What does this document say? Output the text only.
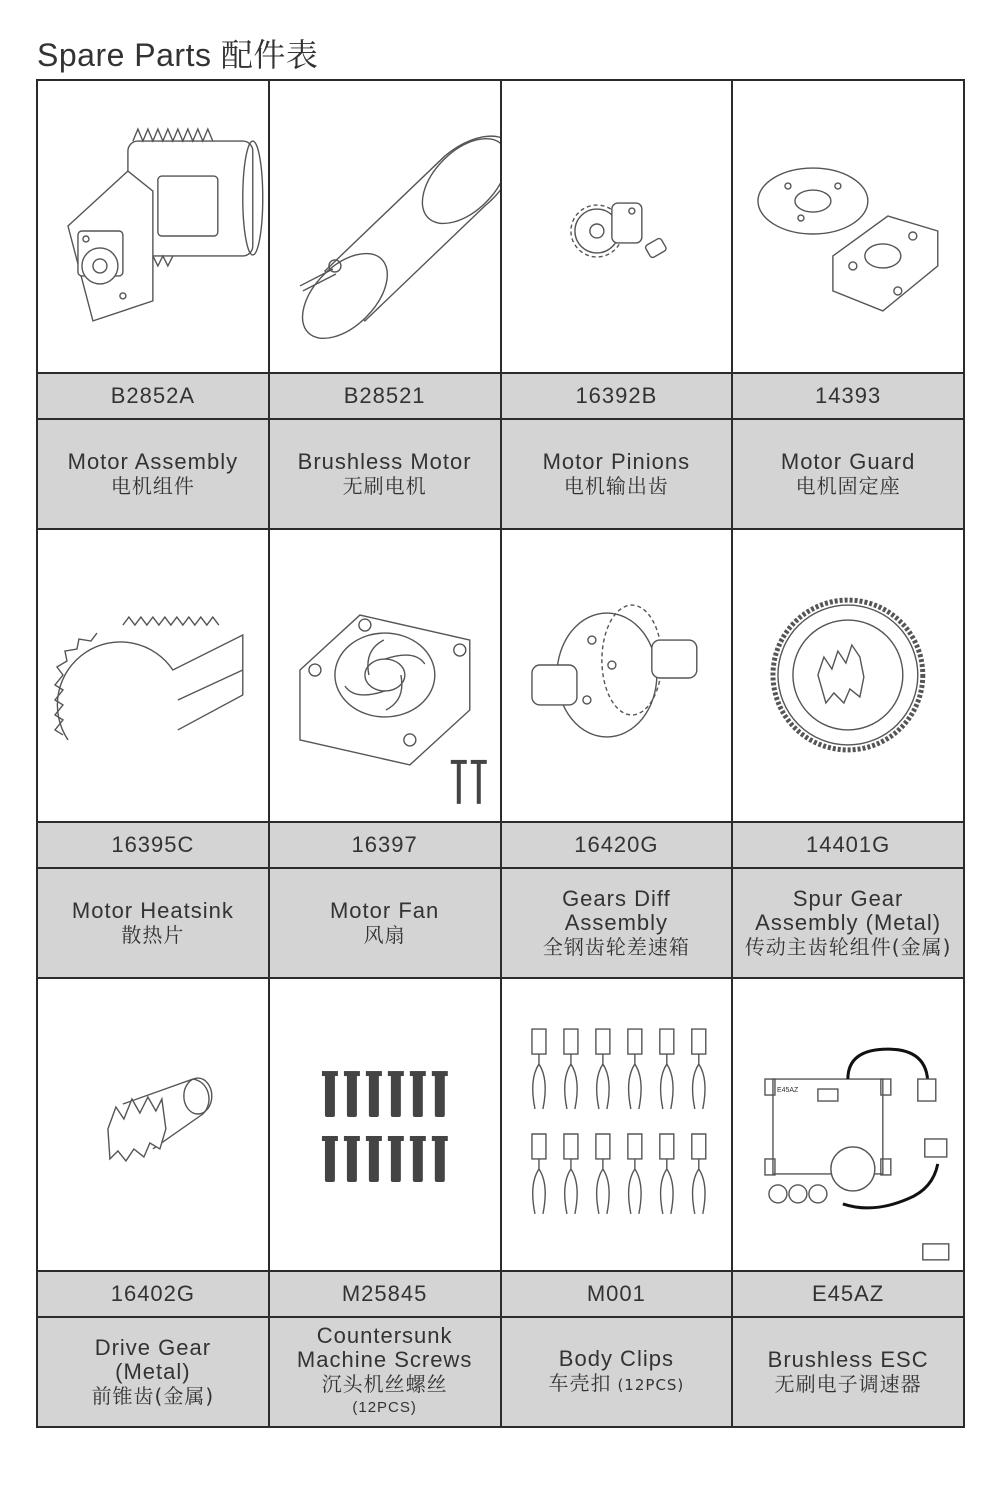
Spare Parts 配件表
B2852A
Motor Assembly
电机组件
B28521
Brushless Motor
无刷电机
16392B
Motor Pinions
电机输出齿
14393
Motor Guard
电机固定座
16395C
Motor Heatsink
散热片
16397
Motor Fan
风扇
16420G
Gears Diff
Assembly
全钢齿轮差速箱
14401G
Spur Gear
Assembly (Metal)
传动主齿轮组件(金属)
16402G
Drive Gear
(Metal)
前锥齿(金属)
M25845
Countersunk
Machine Screws
沉头机丝螺丝
(12PCS)
M001
Body Clips
车壳扣 (12PCS)
E45AZ
E45AZ
Brushless ESC
无刷电子调速器
